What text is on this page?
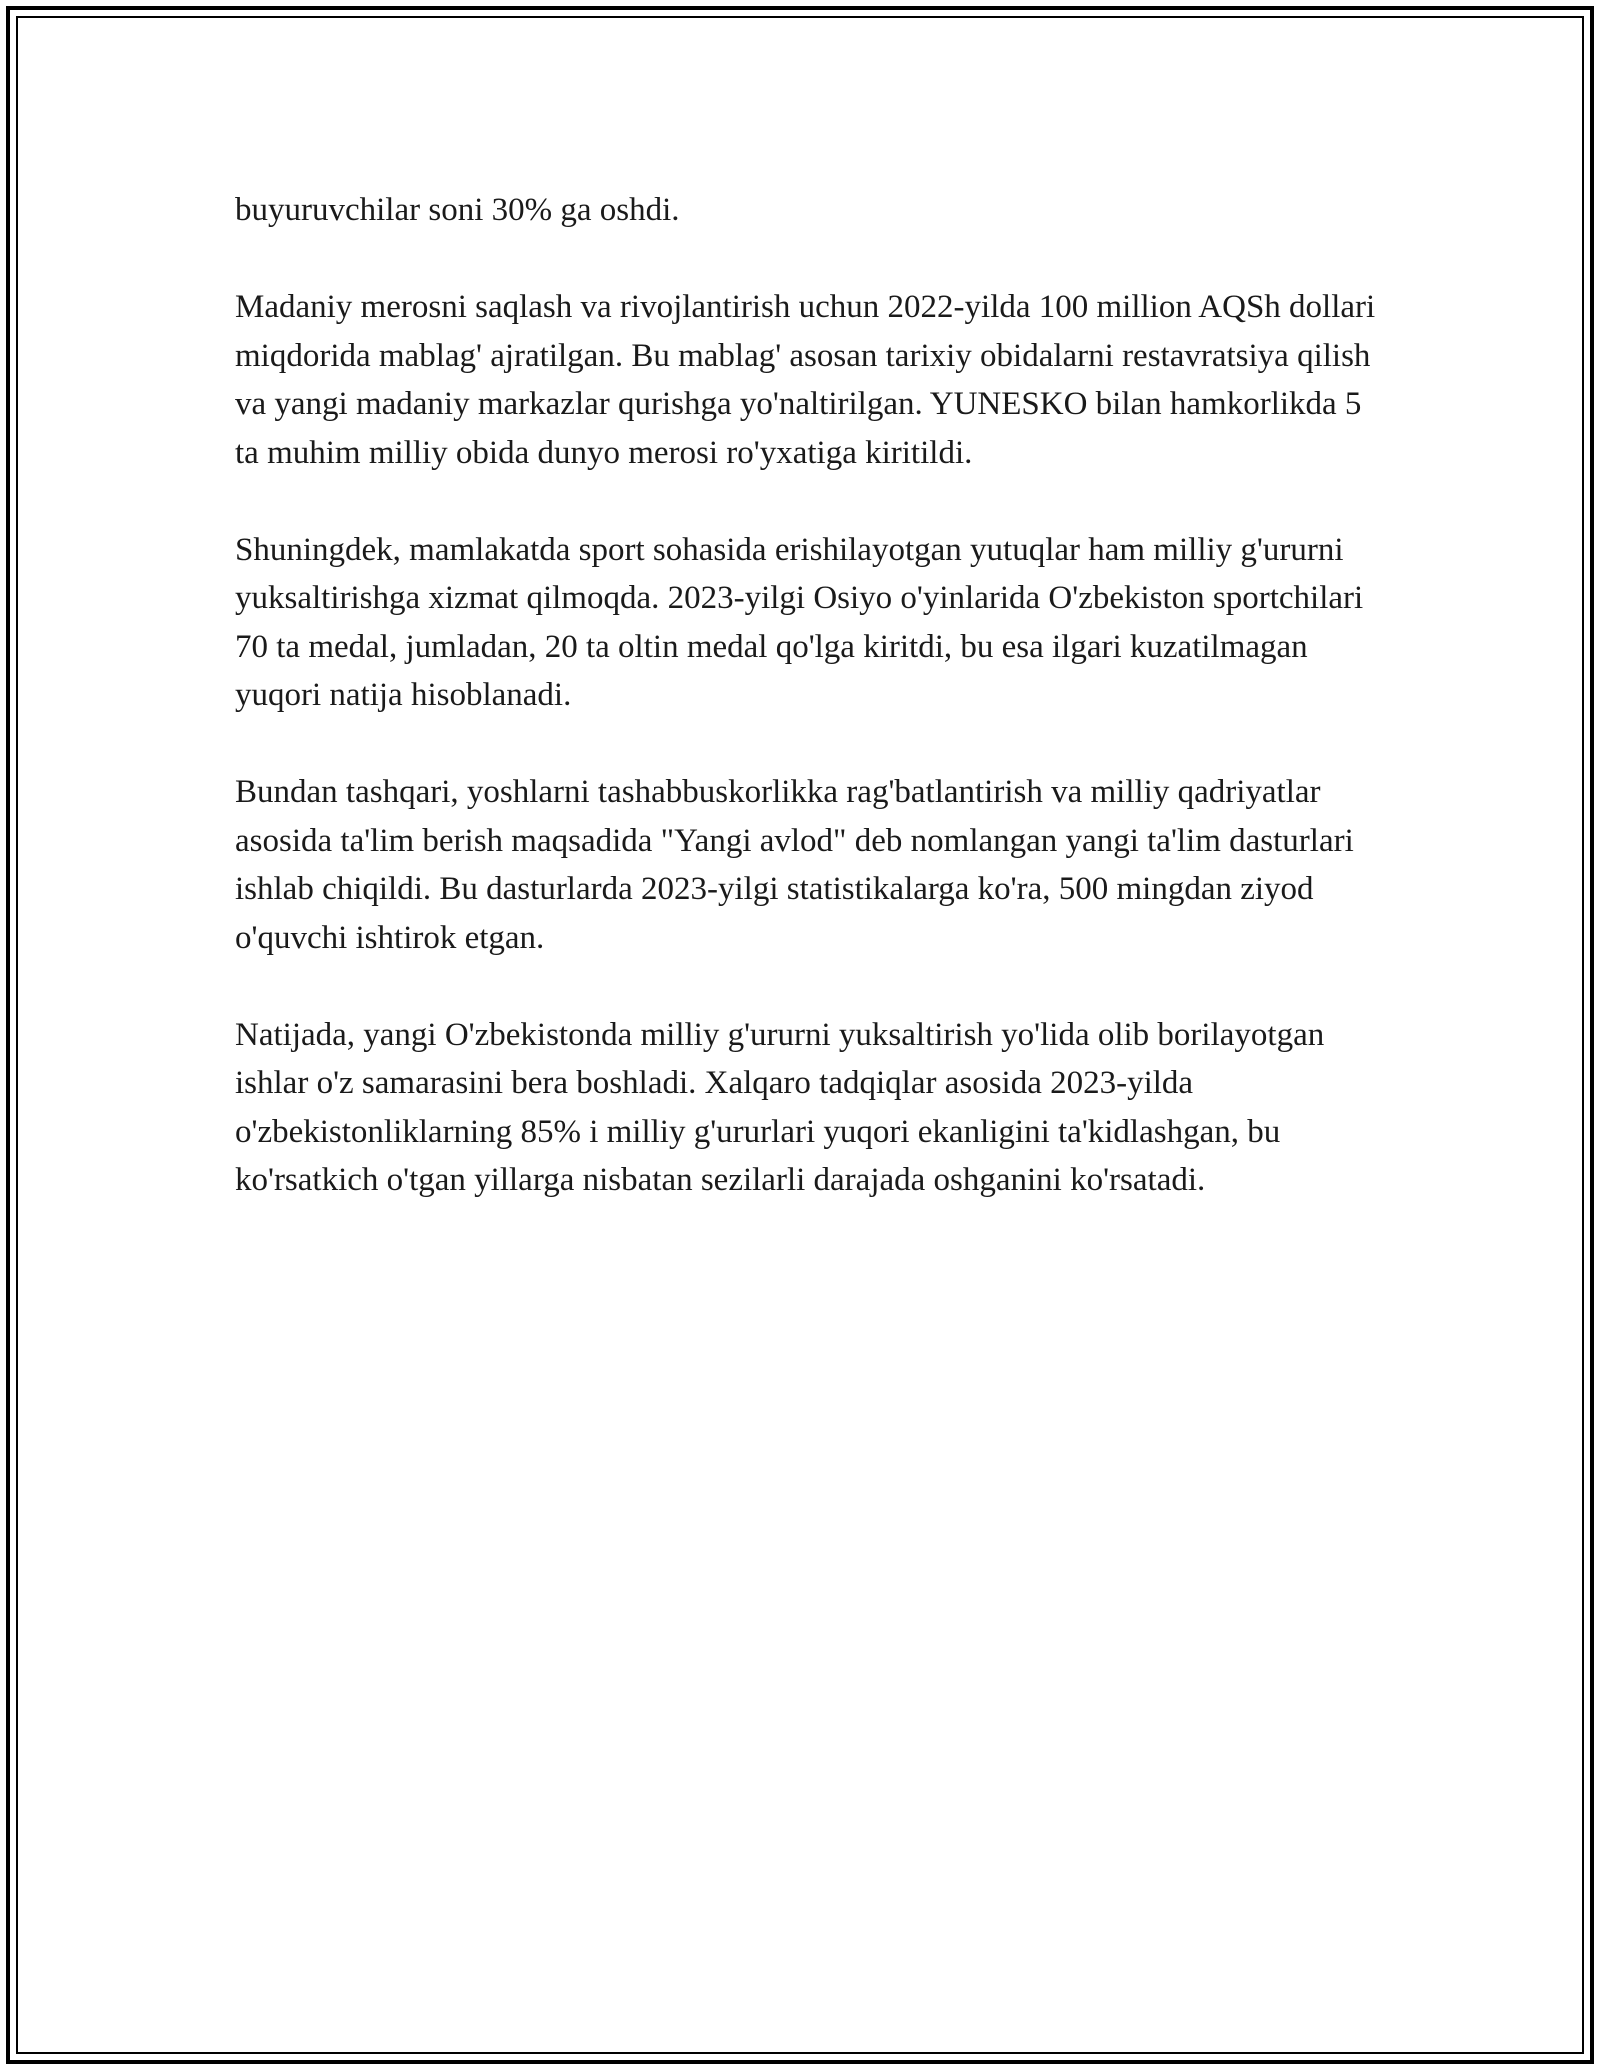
buyuruvchilar soni 30% ga oshdi.

Madaniy merosni saqlash va rivojlantirish uchun 2022-yilda 100 million AQSh dollari miqdorida mablag' ajratilgan. Bu mablag' asosan tarixiy obidalarni restavratsiya qilish va yangi madaniy markazlar qurishga yo'naltirilgan. YUNESKO bilan hamkorlikda 5 ta muhim milliy obida dunyo merosi ro'yxatiga kiritildi.

Shuningdek, mamlakatda sport sohasida erishilayotgan yutuqlar ham milliy g'ururni yuksaltirishga xizmat qilmoqda. 2023-yilgi Osiyo o'yinlarida O'zbekiston sportchilari 70 ta medal, jumladan, 20 ta oltin medal qo'lga kiritdi, bu esa ilgari kuzatilmagan yuqori natija hisoblanadi.

Bundan tashqari, yoshlarni tashabbuskorlikka rag'batlantirish va milliy qadriyatlar asosida ta'lim berish maqsadida "Yangi avlod" deb nomlangan yangi ta'lim dasturlari ishlab chiqildi. Bu dasturlarda 2023-yilgi statistikalarga ko'ra, 500 mingdan ziyod o'quvchi ishtirok etgan.

Natijada, yangi O'zbekistonda milliy g'ururni yuksaltirish yo'lida olib borilayotgan ishlar o'z samarasini bera boshladi. Xalqaro tadqiqlar asosida 2023-yilda o'zbekistonliklarning 85% i milliy g'ururlari yuqori ekanligini ta'kidlashgan, bu ko'rsatkich o'tgan yillarga nisbatan sezilarli darajada oshganini ko'rsatadi.
